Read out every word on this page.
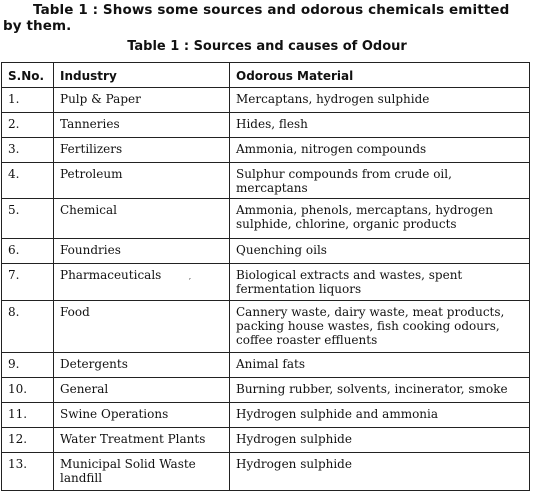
Table 1 : Shows some sources and odorous chemicals emitted by them.
Table 1 : Sources and causes of Odour
S.No.	Industry	Odorous Material
1.	Pulp & Paper	Mercaptans, hydrogen sulphide
2.	Tanneries	Hides, flesh
3.	Fertilizers	Ammonia, nitrogen compounds
4.	Petroleum	Sulphur compounds from crude oil, mercaptans
5.	Chemical	Ammonia, phenols, mercaptans, hydrogen sulphide, chlorine, organic products
6.	Foundries	Quenching oils
7.	Pharmaceuticals	Biological extracts and wastes, spent fermentation liquors
8.	Food	Cannery waste, dairy waste, meat products, packing house wastes, fish cooking odours, coffee roaster effluents
9.	Detergents	Animal fats
10.	General	Burning rubber, solvents, incinerator, smoke
11.	Swine Operations	Hydrogen sulphide and ammonia
12.	Water Treatment Plants	Hydrogen sulphide
13.	Municipal Solid Waste landfill	Hydrogen sulphide
 ′
